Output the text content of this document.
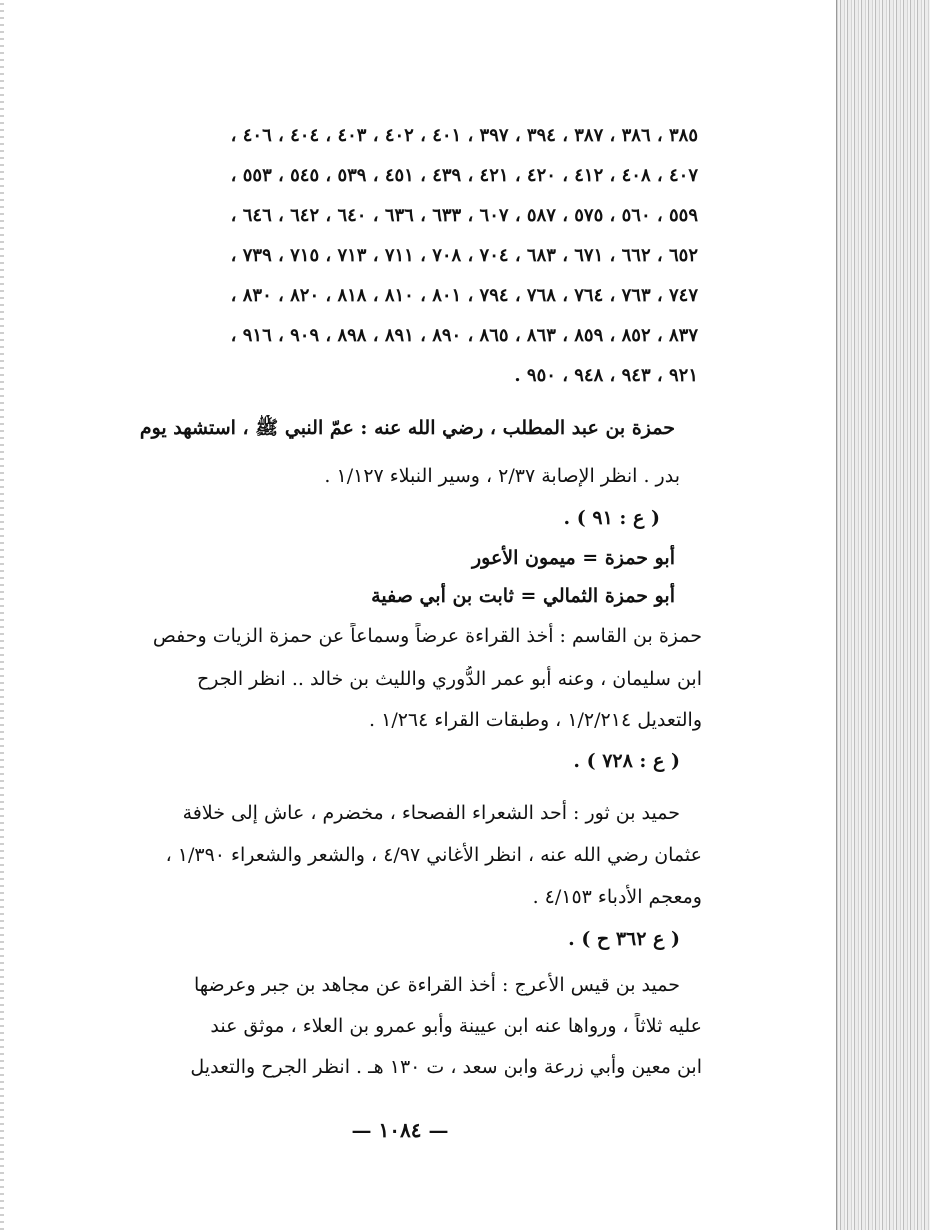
٣٨٥ ، ٣٨٦ ، ٣٨٧ ، ٣٩٤ ، ٣٩٧ ، ٤٠١ ، ٤٠٢ ، ٤٠٣ ، ٤٠٤ ، ٤٠٦ ،
٤٠٧ ، ٤٠٨ ، ٤١٢ ، ٤٢٠ ، ٤٢١ ، ٤٣٩ ، ٤٥١ ، ٥٣٩ ، ٥٤٥ ، ٥٥٣ ،
٥٥٩ ، ٥٦٠ ، ٥٧٥ ، ٥٨٧ ، ٦٠٧ ، ٦٣٣ ، ٦٣٦ ، ٦٤٠ ، ٦٤٢ ، ٦٤٦ ،
٦٥٢ ، ٦٦٢ ، ٦٧١ ، ٦٨٣ ، ٧٠٤ ، ٧٠٨ ، ٧١١ ، ٧١٣ ، ٧١٥ ، ٧٣٩ ،
٧٤٧ ، ٧٦٣ ، ٧٦٤ ، ٧٦٨ ، ٧٩٤ ، ٨٠١ ، ٨١٠ ، ٨١٨ ، ٨٢٠ ، ٨٣٠ ،
٨٣٧ ، ٨٥٢ ، ٨٥٩ ، ٨٦٣ ، ٨٦٥ ، ٨٩٠ ، ٨٩١ ، ٨٩٨ ، ٩٠٩ ، ٩١٦ ،
٩٢١ ، ٩٤٣ ، ٩٤٨ ، ٩٥٠ .
حمزة بن عبد المطلب ، رضي الله عنه : عمّ النبي ﷺ ، استشهد يوم
بدر . انظر الإصابة ٢/٣٧ ، وسير النبلاء ١/١٢٧ .
( ع : ٩١ ) .
أبو حمزة = ميمون الأعور
أبو حمزة الثمالي = ثابت بن أبي صفية
حمزة بن القاسم : أخذ القراءة عرضاً وسماعاً عن حمزة الزيات وحفص
ابن سليمان ، وعنه أبو عمر الدُّوري والليث بن خالد .. انظر الجرح
والتعديل ١/٢/٢١٤ ، وطبقات القراء ١/٢٦٤ .
( ع : ٧٢٨ ) .
حميد بن ثور : أحد الشعراء الفصحاء ، مخضرم ، عاش إلى خلافة
عثمان رضي الله عنه ، انظر الأغاني ٤/٩٧ ، والشعر والشعراء ١/٣٩٠ ،
ومعجم الأدباء ٤/١٥٣ .
( ع ٣٦٢ ح ) .
حميد بن قيس الأعرج : أخذ القراءة عن مجاهد بن جبر وعرضها
عليه ثلاثاً ، ورواها عنه ابن عيينة وأبو عمرو بن العلاء ، موثق عند
ابن معين وأبي زرعة وابن سعد ، ت ١٣٠ هـ . انظر الجرح والتعديل
— ١٠٨٤ —
